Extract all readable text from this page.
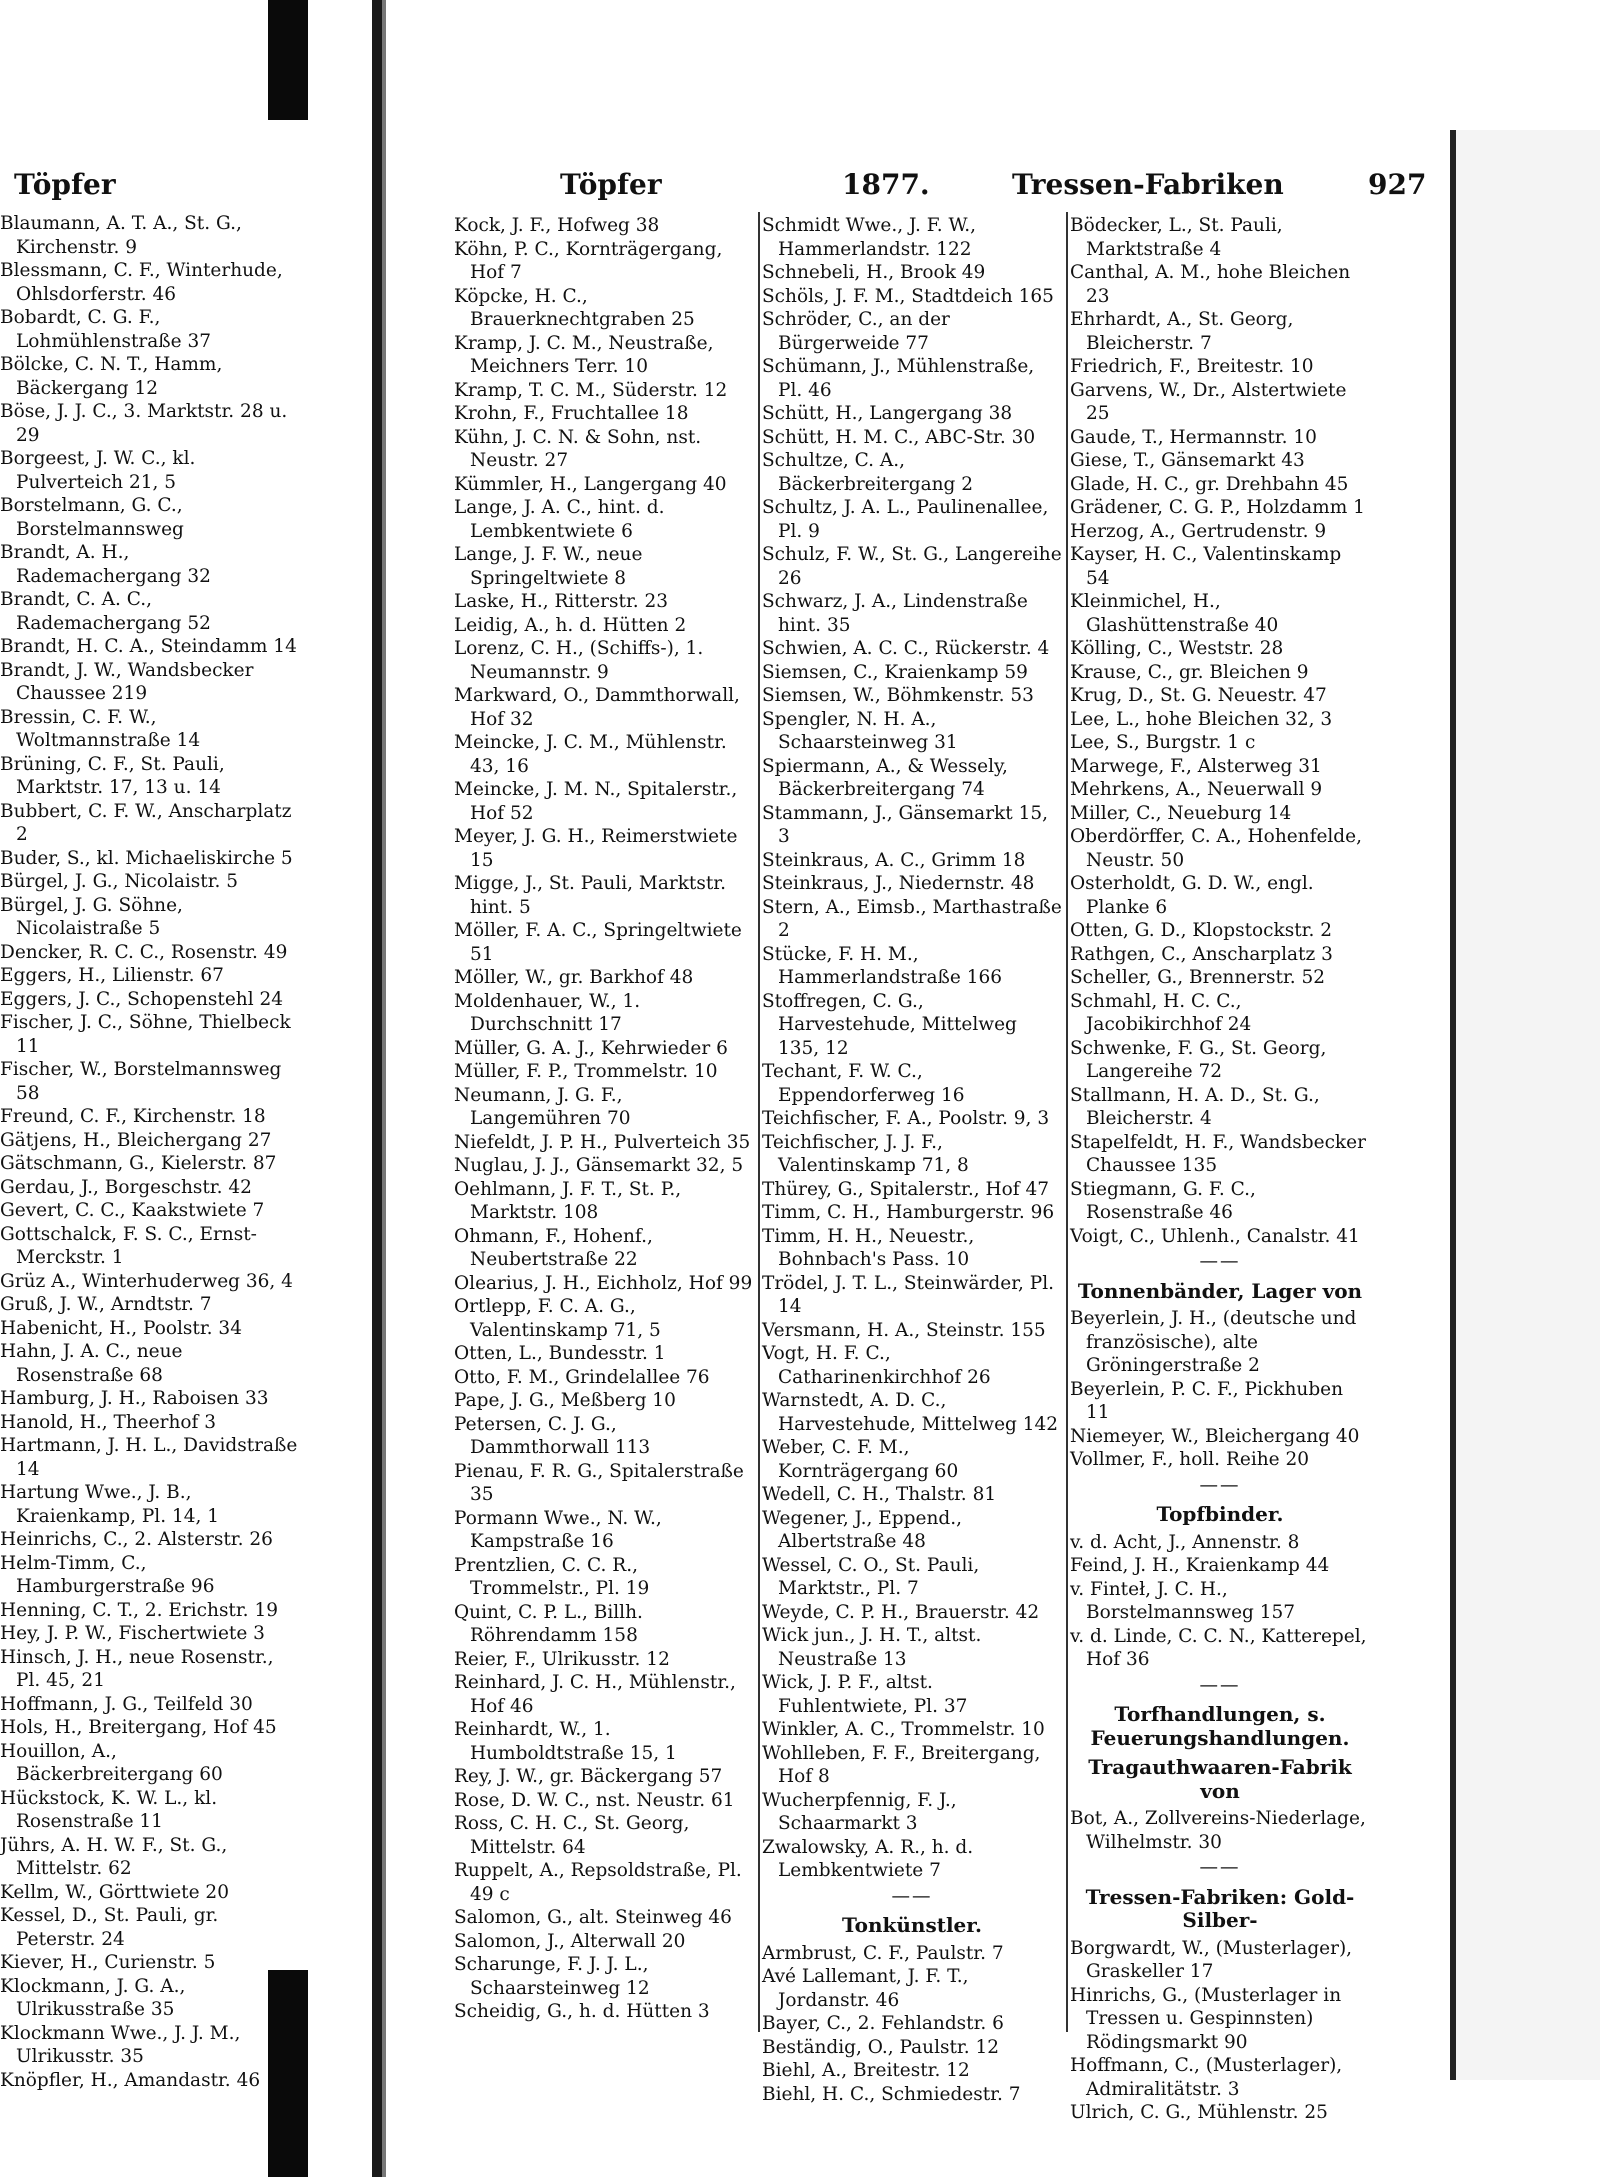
Töpfer
Blaumann, A. T. A., St. G., Kirchenstr. 9
Blessmann, C. F., Winterhude, Ohlsdorferstr. 46
Bobardt, C. G. F., Lohmühlenstraße 37
Bölcke, C. N. T., Hamm, Bäckergang 12
Böse, J. J. C., 3. Marktstr. 28 u. 29
Borgeest, J. W. C., kl. Pulverteich 21, 5
Borstelmann, G. C., Borstelmannsweg
Brandt, A. H., Rademachergang 32
Brandt, C. A. C., Rademachergang 52
Brandt, H. C. A., Steindamm 14
Brandt, J. W., Wandsbecker Chaussee 219
Bressin, C. F. W., Woltmannstraße 14
Brüning, C. F., St. Pauli, Marktstr. 17, 13 u. 14
Bubbert, C. F. W., Anscharplatz 2
Buder, S., kl. Michaeliskirche 5
Bürgel, J. G., Nicolaistr. 5
Bürgel, J. G. Söhne, Nicolaistraße 5
Dencker, R. C. C., Rosenstr. 49
Eggers, H., Lilienstr. 67
Eggers, J. C., Schopenstehl 24
Fischer, J. C., Söhne, Thielbeck 11
Fischer, W., Borstelmannsweg 58
Freund, C. F., Kirchenstr. 18
Gätjens, H., Bleichergang 27
Gätschmann, G., Kielerstr. 87
Gerdau, J., Borgeschstr. 42
Gevert, C. C., Kaakstwiete 7
Gottschalck, F. S. C., Ernst-Merckstr. 1
Grüz A., Winterhuderweg 36, 4
Gruß, J. W., Arndtstr. 7
Habenicht, H., Poolstr. 34
Hahn, J. A. C., neue Rosenstraße 68
Hamburg, J. H., Raboisen 33
Hanold, H., Theerhof 3
Hartmann, J. H. L., Davidstraße 14
Hartung Wwe., J. B., Kraienkamp, Pl. 14, 1
Heinrichs, C., 2. Alsterstr. 26
Helm-Timm, C., Hamburgerstraße 96
Henning, C. T., 2. Erichstr. 19
Hey, J. P. W., Fischertwiete 3
Hinsch, J. H., neue Rosenstr., Pl. 45, 21
Hoffmann, J. G., Teilfeld 30
Hols, H., Breitergang, Hof 45
Houillon, A., Bäckerbreitergang 60
Hückstock, K. W. L., kl. Rosenstraße 11
Jührs, A. H. W. F., St. G., Mittelstr. 62
Kellm, W., Görttwiete 20
Kessel, D., St. Pauli, gr. Peterstr. 24
Kiever, H., Curienstr. 5
Klockmann, J. G. A., Ulrikusstraße 35
Klockmann Wwe., J. J. M., Ulrikusstr. 35
Knöpfler, H., Amandastr. 46
Töpfer	1877.	Tressen-Fabriken	927
Kock, J. F., Hofweg 38
Köhn, P. C., Kornträgergang, Hof 7
Köpcke, H. C., Brauerknechtgraben 25
Kramp, J. C. M., Neustraße, Meichners Terr. 10
Kramp, T. C. M., Süderstr. 12
Krohn, F., Fruchtallee 18
Kühn, J. C. N. & Sohn, nst. Neustr. 27
Kümmler, H., Langergang 40
Lange, J. A. C., hint. d. Lembkentwiete 6
Lange, J. F. W., neue Springeltwiete 8
Laske, H., Ritterstr. 23
Leidig, A., h. d. Hütten 2
Lorenz, C. H., (Schiffs-), 1. Neumannstr. 9
Markward, O., Dammthorwall, Hof 32
Meincke, J. C. M., Mühlenstr. 43, 16
Meincke, J. M. N., Spitalerstr., Hof 52
Meyer, J. G. H., Reimerstwiete 15
Migge, J., St. Pauli, Marktstr. hint. 5
Möller, F. A. C., Springeltwiete 51
Möller, W., gr. Barkhof 48
Moldenhauer, W., 1. Durchschnitt 17
Müller, G. A. J., Kehrwieder 6
Müller, F. P., Trommelstr. 10
Neumann, J. G. F., Langemühren 70
Niefeldt, J. P. H., Pulverteich 35
Nuglau, J. J., Gänsemarkt 32, 5
Oehlmann, J. F. T., St. P., Marktstr. 108
Ohmann, F., Hohenf., Neubertstraße 22
Olearius, J. H., Eichholz, Hof 99
Ortlepp, F. C. A. G., Valentinskamp 71, 5
Otten, L., Bundesstr. 1
Otto, F. M., Grindelallee 76
Pape, J. G., Meßberg 10
Petersen, C. J. G., Dammthorwall 113
Pienau, F. R. G., Spitalerstraße 35
Pormann Wwe., N. W., Kampstraße 16
Prentzlien, C. C. R., Trommelstr., Pl. 19
Quint, C. P. L., Billh. Röhrendamm 158
Reier, F., Ulrikusstr. 12
Reinhard, J. C. H., Mühlenstr., Hof 46
Reinhardt, W., 1. Humboldtstraße 15, 1
Rey, J. W., gr. Bäckergang 57
Rose, D. W. C., nst. Neustr. 61
Ross, C. H. C., St. Georg, Mittelstr. 64
Ruppelt, A., Repsoldstraße, Pl. 49 c
Salomon, G., alt. Steinweg 46
Salomon, J., Alterwall 20
Scharunge, F. J. J. L., Schaarsteinweg 12
Scheidig, G., h. d. Hütten 3
Schmidt Wwe., J. F. W., Hammerlandstr. 122
Schnebeli, H., Brook 49
Schöls, J. F. M., Stadtdeich 165
Schröder, C., an der Bürgerweide 77
Schümann, J., Mühlenstraße, Pl. 46
Schütt, H., Langergang 38
Schütt, H. M. C., ABC-Str. 30
Schultze, C. A., Bäckerbreitergang 2
Schultz, J. A. L., Paulinenallee, Pl. 9
Schulz, F. W., St. G., Langereihe 26
Schwarz, J. A., Lindenstraße hint. 35
Schwien, A. C. C., Rückerstr. 4
Siemsen, C., Kraienkamp 59
Siemsen, W., Böhmkenstr. 53
Spengler, N. H. A., Schaarsteinweg 31
Spiermann, A., & Wessely, Bäckerbreitergang 74
Stammann, J., Gänsemarkt 15, 3
Steinkraus, A. C., Grimm 18
Steinkraus, J., Niedernstr. 48
Stern, A., Eimsb., Marthastraße 2
Stücke, F. H. M., Hammerlandstraße 166
Stoffregen, C. G., Harvestehude, Mittelweg 135, 12
Techant, F. W. C., Eppendorferweg 16
Teichfischer, F. A., Poolstr. 9, 3
Teichfischer, J. J. F., Valentinskamp 71, 8
Thürey, G., Spitalerstr., Hof 47
Timm, C. H., Hamburgerstr. 96
Timm, H. H., Neuestr., Bohnbach's Pass. 10
Trödel, J. T. L., Steinwärder, Pl. 14
Versmann, H. A., Steinstr. 155
Vogt, H. F. C., Catharinenkirchhof 26
Warnstedt, A. D. C., Harvestehude, Mittelweg 142
Weber, C. F. M., Kornträgergang 60
Wedell, C. H., Thalstr. 81
Wegener, J., Eppend., Albertstraße 48
Wessel, C. O., St. Pauli, Marktstr., Pl. 7
Weyde, C. P. H., Brauerstr. 42
Wick jun., J. H. T., altst. Neustraße 13
Wick, J. P. F., altst. Fuhlentwiete, Pl. 37
Winkler, A. C., Trommelstr. 10
Wohlleben, F. F., Breitergang, Hof 8
Wucherpfennig, F. J., Schaarmarkt 3
Zwalowsky, A. R., h. d. Lembkentwiete 7
——
Tonkünstler.
Armbrust, C. F., Paulstr. 7
Avé Lallemant, J. F. T., Jordanstr. 46
Bayer, C., 2. Fehlandstr. 6
Beständig, O., Paulstr. 12
Biehl, A., Breitestr. 12
Biehl, H. C., Schmiedestr. 7
Bödecker, L., St. Pauli, Marktstraße 4
Canthal, A. M., hohe Bleichen 23
Ehrhardt, A., St. Georg, Bleicherstr. 7
Friedrich, F., Breitestr. 10
Garvens, W., Dr., Alstertwiete 25
Gaude, T., Hermannstr. 10
Giese, T., Gänsemarkt 43
Glade, H. C., gr. Drehbahn 45
Grädener, C. G. P., Holzdamm 1
Herzog, A., Gertrudenstr. 9
Kayser, H. C., Valentinskamp 54
Kleinmichel, H., Glashüttenstraße 40
Kölling, C., Weststr. 28
Krause, C., gr. Bleichen 9
Krug, D., St. G. Neuestr. 47
Lee, L., hohe Bleichen 32, 3
Lee, S., Burgstr. 1 c
Marwege, F., Alsterweg 31
Mehrkens, A., Neuerwall 9
Miller, C., Neueburg 14
Oberdörffer, C. A., Hohenfelde, Neustr. 50
Osterholdt, G. D. W., engl. Planke 6
Otten, G. D., Klopstockstr. 2
Rathgen, C., Anscharplatz 3
Scheller, G., Brennerstr. 52
Schmahl, H. C. C., Jacobikirchhof 24
Schwenke, F. G., St. Georg, Langereihe 72
Stallmann, H. A. D., St. G., Bleicherstr. 4
Stapelfeldt, H. F., Wandsbecker Chaussee 135
Stiegmann, G. F. C., Rosenstraße 46
Voigt, C., Uhlenh., Canalstr. 41
——
Tonnenbänder, Lager von
Beyerlein, J. H., (deutsche und französische), alte Gröningerstraße 2
Beyerlein, P. C. F., Pickhuben 11
Niemeyer, W., Bleichergang 40
Vollmer, F., holl. Reihe 20
——
Topfbinder.
v. d. Acht, J., Annenstr. 8
Feind, J. H., Kraienkamp 44
v. Finteł, J. C. H., Borstelmannsweg 157
v. d. Linde, C. C. N., Katterepel, Hof 36
——
Torfhandlungen, s. Feuerungshandlungen.
Tragauthwaaren-Fabrik von
Bot, A., Zollvereins-Niederlage, Wilhelmstr. 30
——
Tressen-Fabriken: Gold- Silber-
Borgwardt, W., (Musterlager), Graskeller 17
Hinrichs, G., (Musterlager in Tressen u. Gespinnsten) Rödingsmarkt 90
Hoffmann, C., (Musterlager), Admiralitätstr. 3
Ulrich, C. G., Mühlenstr. 25
